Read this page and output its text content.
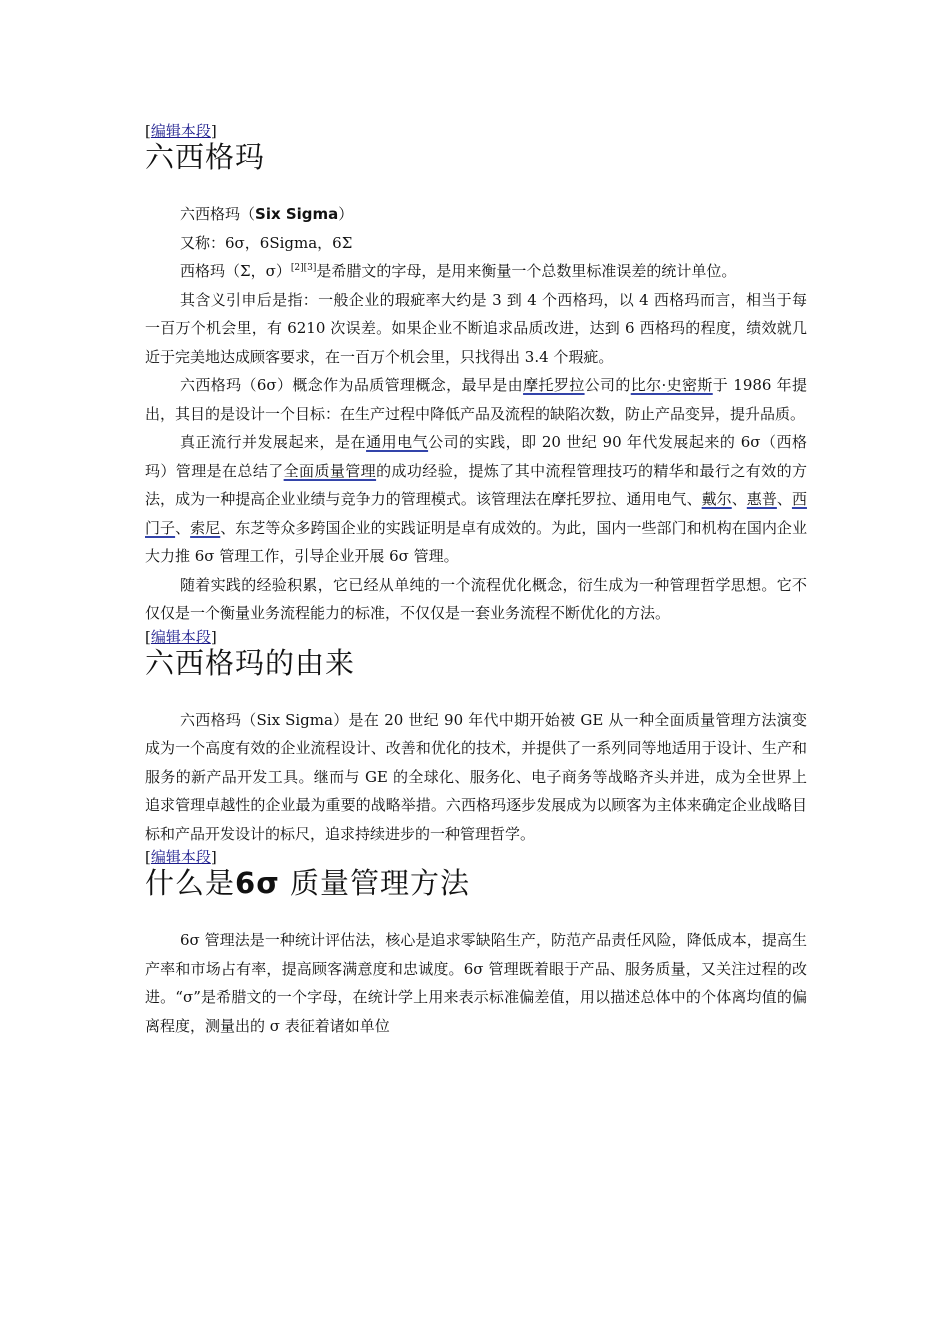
[编辑本段]
六西格玛

六西格玛（Six Sigma）

又称：6σ，6Sigma，6Σ

西格玛（Σ，σ）[2][3]是希腊文的字母，是用来衡量一个总数里标准误差的统计单位。

其含义引申后是指：一般企业的瑕疵率大约是 3 到 4 个西格玛，以 4 西格玛而言，相当于每一百万个机会里，有 6210 次误差。如果企业不断追求品质改进，达到 6 西格玛的程度，绩效就几近于完美地达成顾客要求，在一百万个机会里，只找得出 3.4 个瑕疵。

六西格玛（6σ）概念作为品质管理概念，最早是由摩托罗拉公司的比尔·史密斯于 1986 年提出，其目的是设计一个目标：在生产过程中降低产品及流程的缺陷次数，防止产品变异，提升品质。

真正流行并发展起来，是在通用电气公司的实践，即 20 世纪 90 年代发展起来的 6σ（西格玛）管理是在总结了全面质量管理的成功经验，提炼了其中流程管理技巧的精华和最行之有效的方法，成为一种提高企业业绩与竞争力的管理模式。该管理法在摩托罗拉、通用电气、戴尔、惠普、西门子、索尼、东芝等众多跨国企业的实践证明是卓有成效的。为此，国内一些部门和机构在国内企业大力推 6σ 管理工作，引导企业开展 6σ 管理。

随着实践的经验积累，它已经从单纯的一个流程优化概念，衍生成为一种管理哲学思想。它不仅仅是一个衡量业务流程能力的标准，不仅仅是一套业务流程不断优化的方法。

[编辑本段]
六西格玛的由来

六西格玛（Six Sigma）是在 20 世纪 90 年代中期开始被 GE 从一种全面质量管理方法演变成为一个高度有效的企业流程设计、改善和优化的技术，并提供了一系列同等地适用于设计、生产和服务的新产品开发工具。继而与 GE 的全球化、服务化、电子商务等战略齐头并进，成为全世界上追求管理卓越性的企业最为重要的战略举措。六西格玛逐步发展成为以顾客为主体来确定企业战略目标和产品开发设计的标尺，追求持续进步的一种管理哲学。

[编辑本段]
什么是6σ 质量管理方法

6σ 管理法是一种统计评估法，核心是追求零缺陷生产，防范产品责任风险，降低成本，提高生产率和市场占有率，提高顾客满意度和忠诚度。6σ 管理既着眼于产品、服务质量，又关注过程的改进。“σ”是希腊文的一个字母，在统计学上用来表示标准偏差值，用以描述总体中的个体离均值的偏离程度，测量出的 σ 表征着诸如单位
